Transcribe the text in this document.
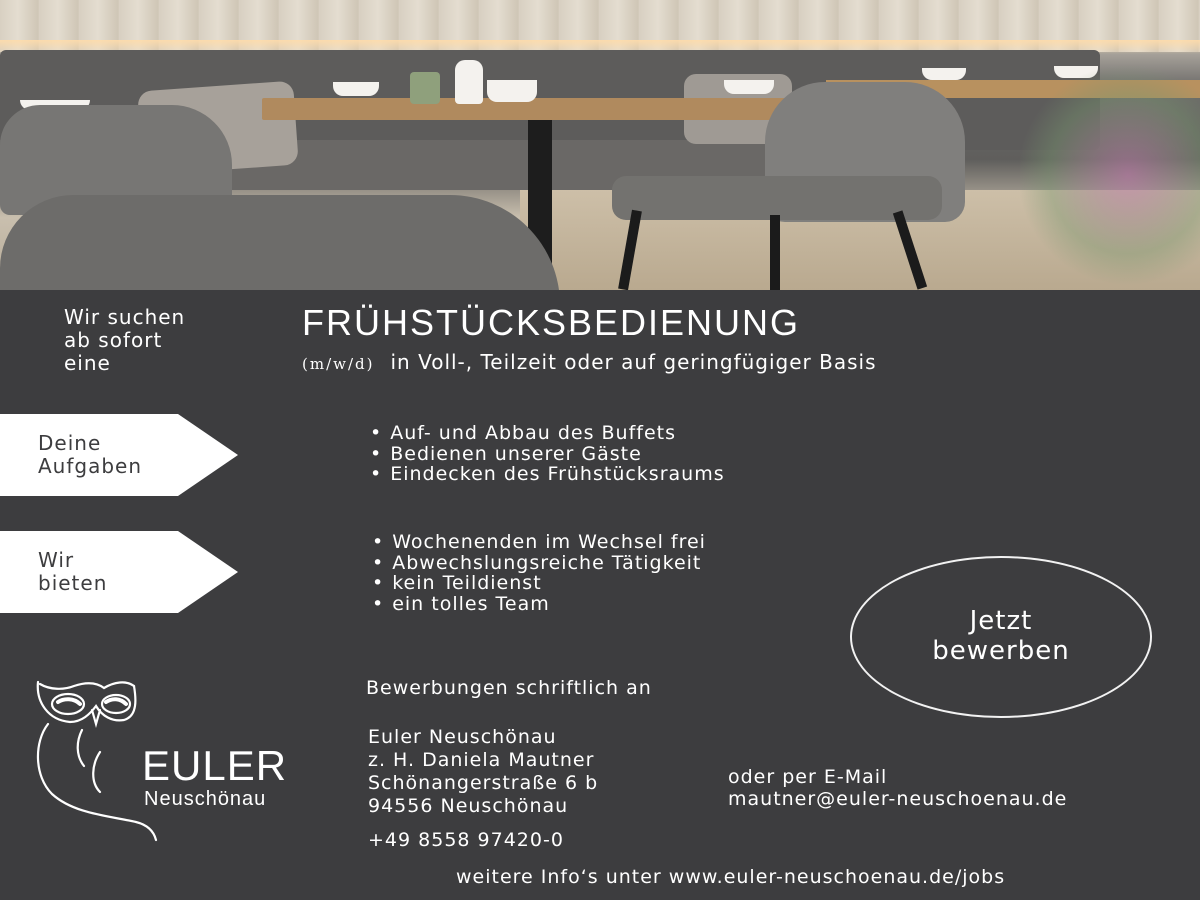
Wir suchen
ab sofort
eine
FRÜHSTÜCKSBEDIENUNG
(m/w/d) in Voll-, Teilzeit oder auf geringfügiger Basis
Deine
Aufgaben
• Auf- und Abbau des Buffets
• Bedienen unserer Gäste
• Eindecken des Frühstücksraums
Wir
bieten
• Wochenenden im Wechsel frei
• Abwechslungsreiche Tätigkeit
• kein Teildienst
• ein tolles Team
Jetzt
bewerben
EULER
Neuschönau
Bewerbungen schriftlich an
Euler Neuschönau
z. H. Daniela Mautner
Schönangerstraße 6 b
94556 Neuschönau
oder per E-Mail
mautner@euler-neuschoenau.de
+49 8558 97420-0
weitere Info‘s unter www.euler-neuschoenau.de/jobs
